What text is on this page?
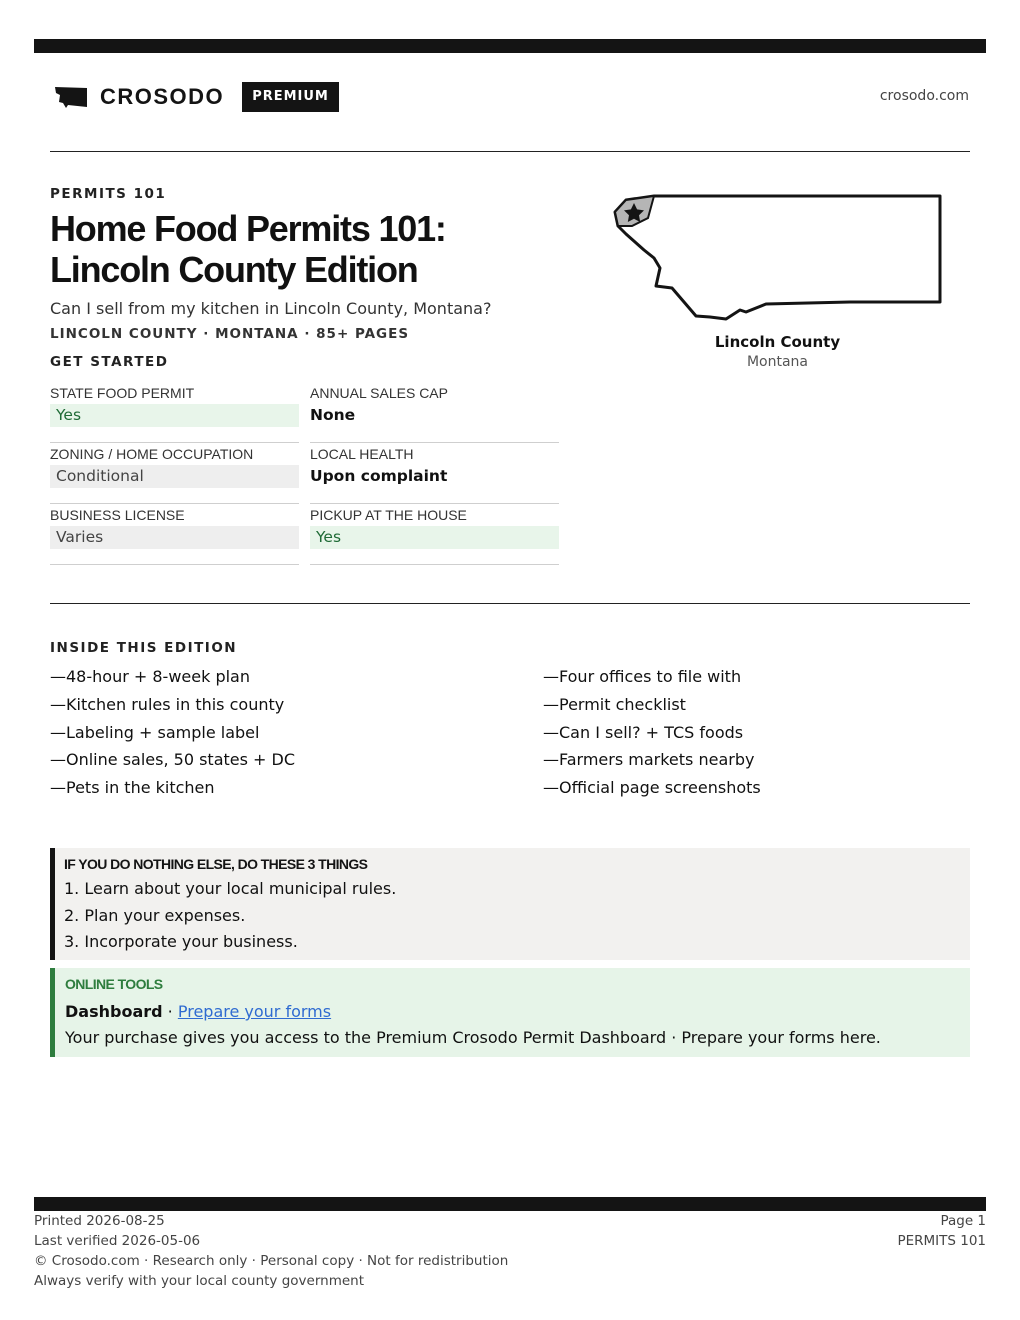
CROSODO	PREMIUM	crosodo.com
PERMITS 101
Home Food Permits 101: Lincoln County Edition
Can I sell from my kitchen in Lincoln County, Montana?
LINCOLN COUNTY · MONTANA · 85+ PAGES
GET STARTED
STATE FOOD PERMIT
Yes
ANNUAL SALES CAP
None
ZONING / HOME OCCUPATION
Conditional
LOCAL HEALTH
Upon complaint
BUSINESS LICENSE
Varies
PICKUP AT THE HOUSE
Yes
Lincoln County
Montana
INSIDE THIS EDITION
—48-hour + 8-week plan	—Four offices to file with
—Kitchen rules in this county	—Permit checklist
—Labeling + sample label	—Can I sell? + TCS foods
—Online sales, 50 states + DC	—Farmers markets nearby
—Pets in the kitchen	—Official page screenshots
IF YOU DO NOTHING ELSE, DO THESE 3 THINGS
1. Learn about your local municipal rules.
2. Plan your expenses.
3. Incorporate your business.
ONLINE TOOLS
Dashboard · Prepare your forms
Your purchase gives you access to the Premium Crosodo Permit Dashboard · Prepare your forms here.
Printed 2026-08-25
Last verified 2026-05-06
© Crosodo.com · Research only · Personal copy · Not for redistribution
Always verify with your local county government
Page 1
PERMITS 101
